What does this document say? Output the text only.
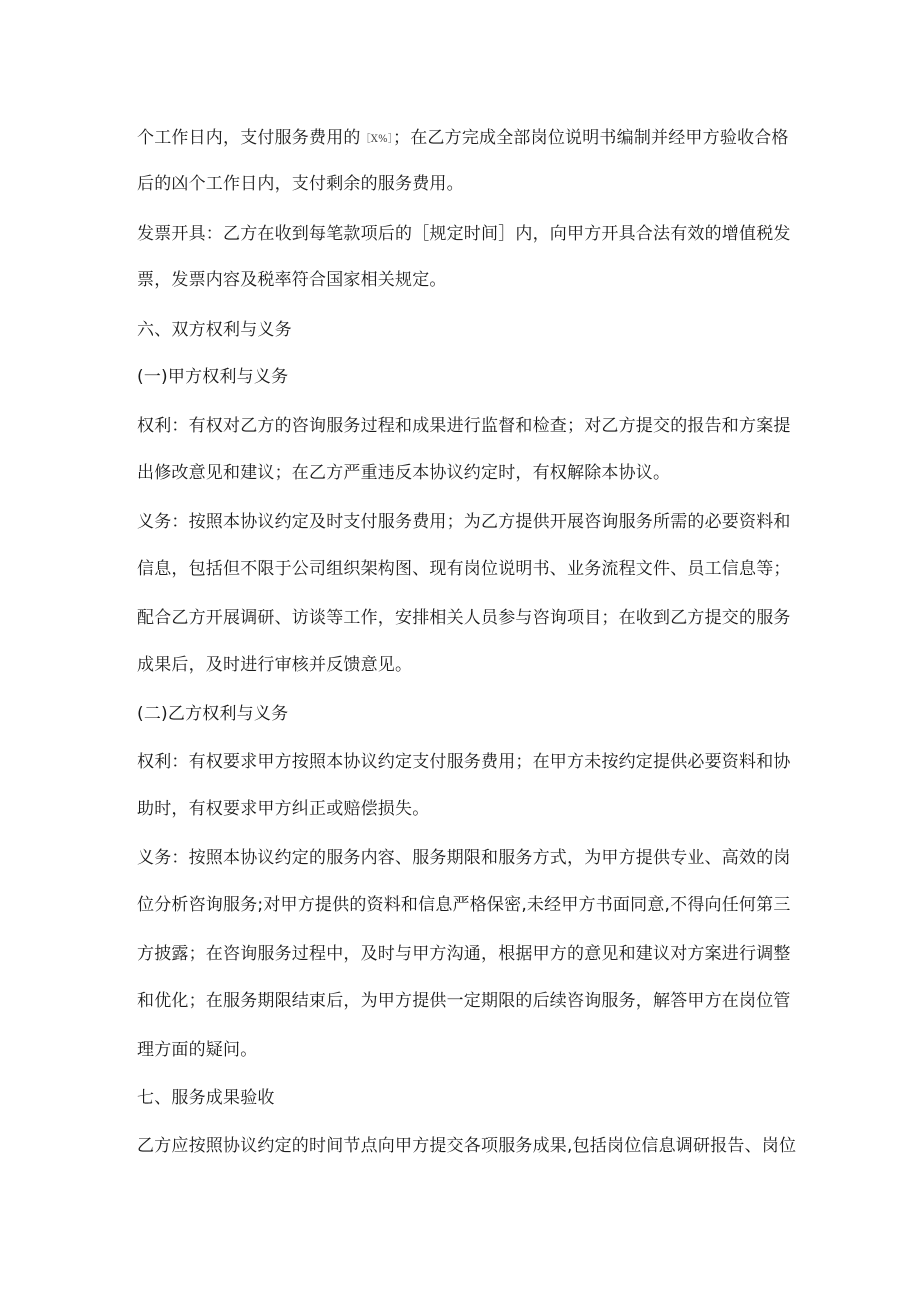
个工作日内，支付服务费用的［X%］；在乙方完成全部岗位说明书编制并经甲方验收合格
后的凶个工作日内，支付剩余的服务费用。
发票开具：乙方在收到每笔款项后的［规定时间］内，向甲方开具合法有效的增值税发
票，发票内容及税率符合国家相关规定。
六、双方权利与义务
(一)甲方权利与义务
权利：有权对乙方的咨询服务过程和成果进行监督和检查；对乙方提交的报告和方案提
出修改意见和建议；在乙方严重违反本协议约定时，有权解除本协议。
义务：按照本协议约定及时支付服务费用；为乙方提供开展咨询服务所需的必要资料和
信息，包括但不限于公司组织架构图、现有岗位说明书、业务流程文件、员工信息等；
配合乙方开展调研、访谈等工作，安排相关人员参与咨询项目；在收到乙方提交的服务
成果后，及时进行审核并反馈意见。
(二)乙方权利与义务
权利：有权要求甲方按照本协议约定支付服务费用；在甲方未按约定提供必要资料和协
助时，有权要求甲方纠正或赔偿损失。
义务：按照本协议约定的服务内容、服务期限和服务方式，为甲方提供专业、高效的岗
位分析咨询服务;对甲方提供的资料和信息严格保密,未经甲方书面同意,不得向任何第三
方披露；在咨询服务过程中，及时与甲方沟通，根据甲方的意见和建议对方案进行调整
和优化；在服务期限结束后，为甲方提供一定期限的后续咨询服务，解答甲方在岗位管
理方面的疑问。
七、服务成果验收
乙方应按照协议约定的时间节点向甲方提交各项服务成果,包括岗位信息调研报告、岗位
